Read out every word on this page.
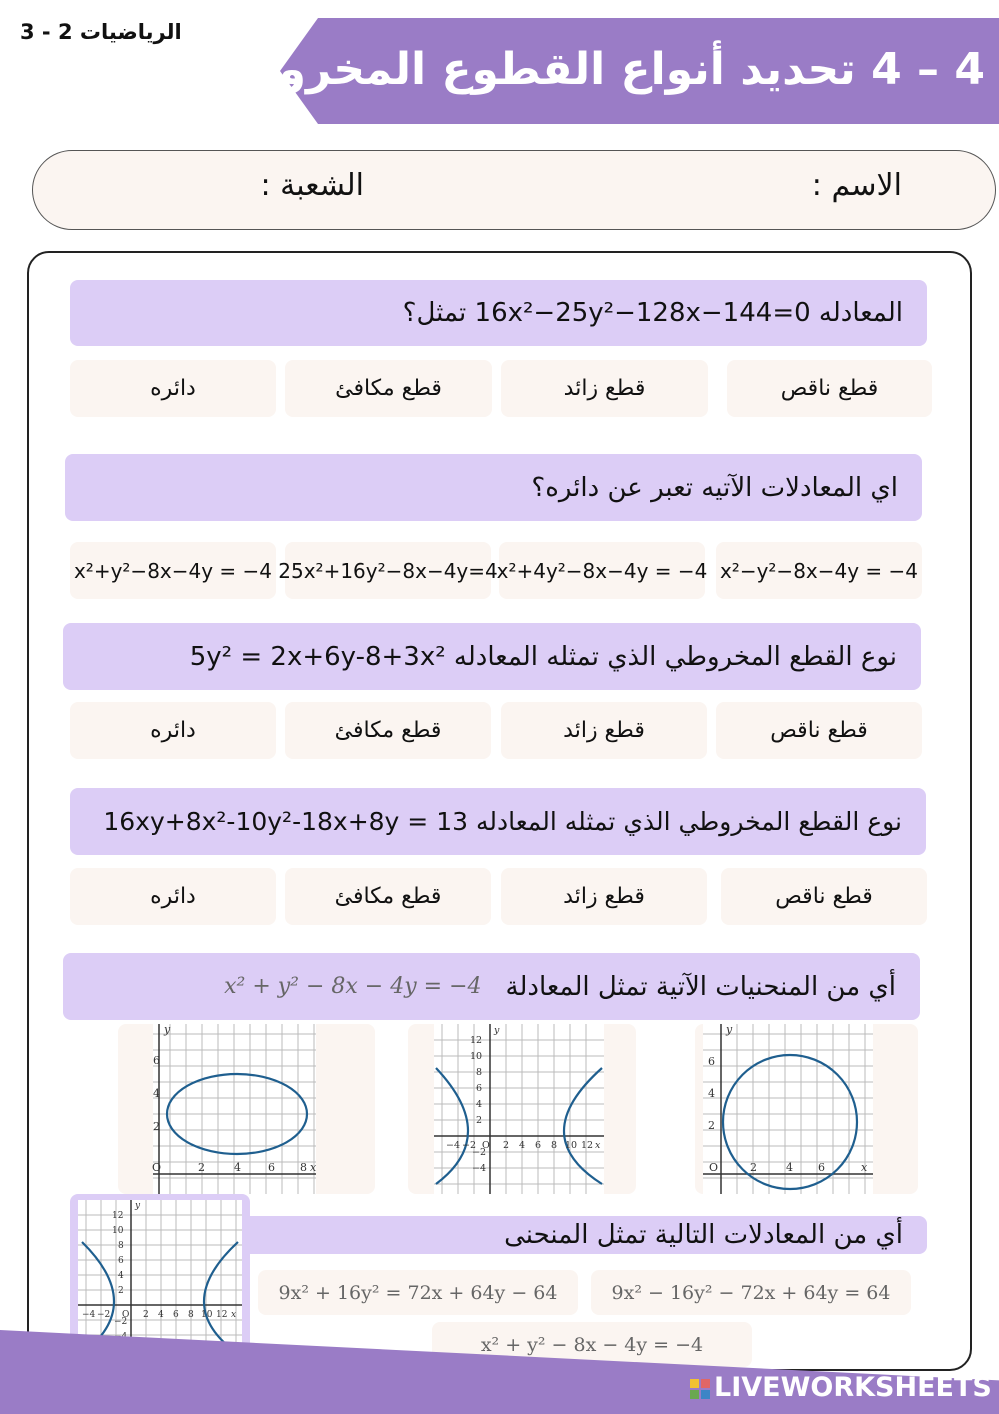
4 – 4 تحديد أنواع القطوع المخروطية
الرياضيات 2 - 3
الاسم :
الشعبة :
المعادله 16x²−25y²−128x−144=0 تمثل؟
قطع ناقص
قطع زائد
قطع مكافئ
دائره
اي المعادلات الآتيه تعبر عن دائره؟
x²−y²−8x−4y = −4
x²+4y²−8x−4y = −4
25x²+16y²−8x−4y=4
x²+y²−8x−4y = −4
نوع القطع المخروطي الذي تمثله المعادله 5y² = 2x+6y-8+3x²
قطع ناقص
قطع زائد
قطع مكافئ
دائره
نوع القطع المخروطي الذي تمثله المعادله 13 = 16xy+8x²-10y²-18x+8y
قطع ناقص
قطع زائد
قطع مكافئ
دائره
أي من المنحنيات الآتية تمثل المعادلة
x² + y² − 8x − 4y = −4
O	2	4 6 8 x
6
4
2
y
−4 −2 O 2 4 6 8 10 12 x
12
10
8
6
4
2
−2
−4
y
O	2	4 6	x
6
4
2
y
−4 −2 O 2 4 6 8 10 12 x
12
10
8
6
4
2
−2
y
أي من المعادلات التالية تمثل المنحنى
9x² − 16y² − 72x + 64y = 64
9x² + 16y² = 72x + 64y − 64
x² + y² − 8x − 4y = −4
LIVEWORKSHEETS
